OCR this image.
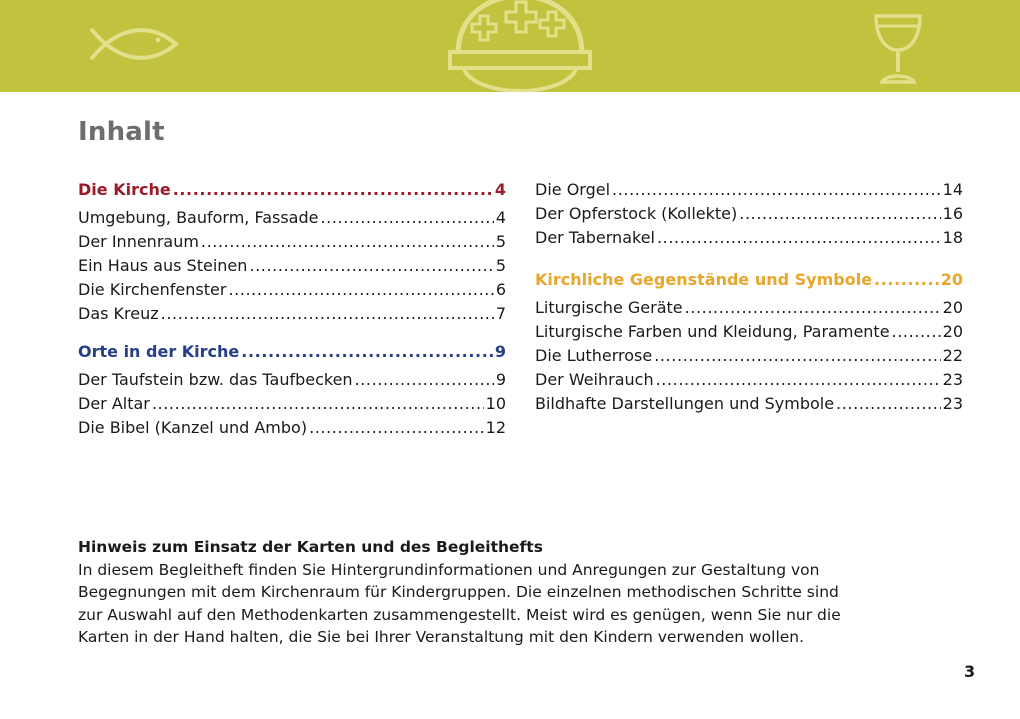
Inhalt
Die Kirche .....	4
Umgebung, Bauform, Fassade .....	4
Der Innenraum .....	5
Ein Haus aus Steinen .....	5
Die Kirchenfenster .....	6
Das Kreuz .....	7
Orte in der Kirche .....	9
Der Taufstein bzw. das Taufbecken .....	9
Der Altar .....	10
Die Bibel (Kanzel und Ambo) .....	12
Die Orgel .....	14
Der Opferstock (Kollekte) .....	16
Der Tabernakel .....	18
Kirchliche Gegenstände und Symbole .....	20
Liturgische Geräte .....	20
Liturgische Farben und Kleidung, Paramente .....	20
Die Lutherrose .....	22
Der Weihrauch .....	23
Bildhafte Darstellungen und Symbole .....	23
Hinweis zum Einsatz der Karten und des Begleithefts
In diesem Begleitheft finden Sie Hintergrundinformationen und Anregungen zur Gestaltung von
Begegnungen mit dem Kirchenraum für Kindergruppen. Die einzelnen methodischen Schritte sind
zur Auswahl auf den Methodenkarten zusammengestellt. Meist wird es genügen, wenn Sie nur die
Karten in der Hand halten, die Sie bei Ihrer Veranstaltung mit den Kindern verwenden wollen.
3
